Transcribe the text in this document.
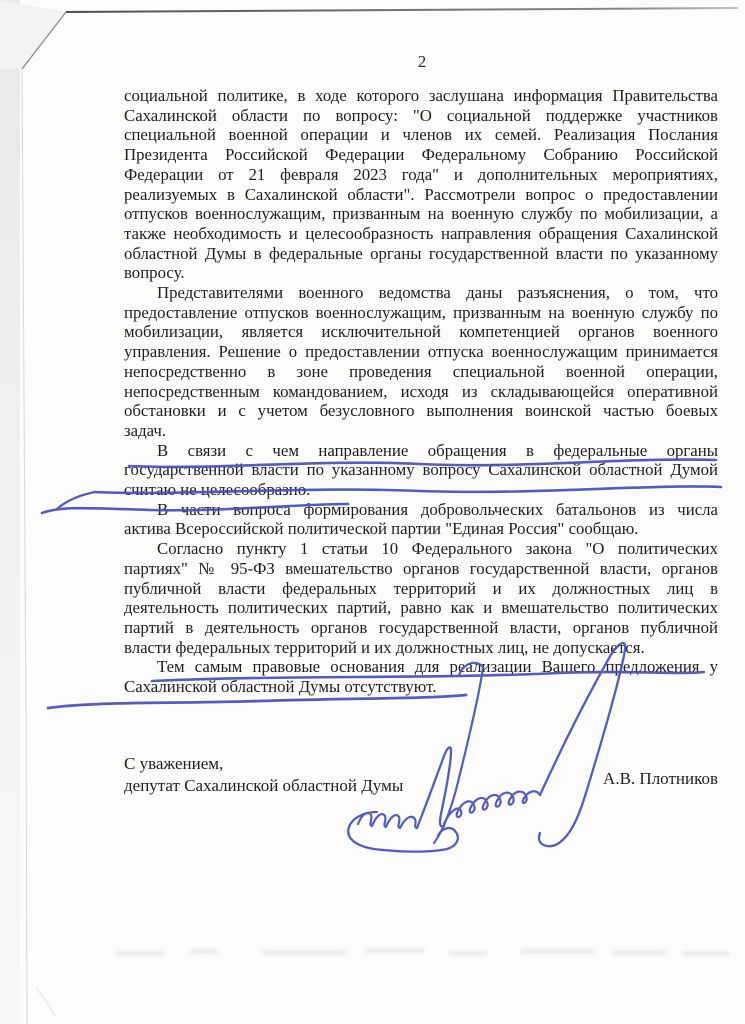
2
социальной политике, в ходе которого заслушана информация Правительства
Сахалинской области по вопросу: "О социальной поддержке участников
специальной военной операции и членов их семей. Реализация Послания
Президента Российской Федерации Федеральному Собранию Российской
Федерации от 21 февраля 2023 года" и дополнительных мероприятиях,
реализуемых в Сахалинской области". Рассмотрели вопрос о предоставлении
отпусков военнослужащим, призванным на военную службу по мобилизации, а
также необходимость и целесообразность направления обращения Сахалинской
областной Думы в федеральные органы государственной власти по указанному
вопросу.
Представителями военного ведомства даны разъяснения, о том, что
предоставление отпусков военнослужащим, призванным на военную службу по
мобилизации, является исключительной компетенцией органов военного
управления. Решение о предоставлении отпуска военнослужащим принимается
непосредственно в зоне проведения специальной военной операции,
непосредственным командованием, исходя из складывающейся оперативной
обстановки и с учетом безусловного выполнения воинской частью боевых
задач.
В связи с чем направление обращения в федеральные органы
государственной власти по указанному вопросу Сахалинской областной Думой
считаю не целесообразно.
В части вопроса формирования добровольческих батальонов из числа
актива Всероссийской политической партии "Единая Россия" сообщаю.
Согласно пункту 1 статьи 10 Федерального закона "О политических
партиях" № 95-ФЗ вмешательство органов государственной власти, органов
публичной власти федеральных территорий и их должностных лиц в
деятельность политических партий, равно как и вмешательство политических
партий в деятельность органов государственной власти, органов публичной
власти федеральных территорий и их должностных лиц, не допускается.
Тем самым правовые основания для реализации Вашего предложения у
Сахалинской областной Думы отсутствуют.
С уважением,
депутат Сахалинской областной Думы	А.В. Плотников
